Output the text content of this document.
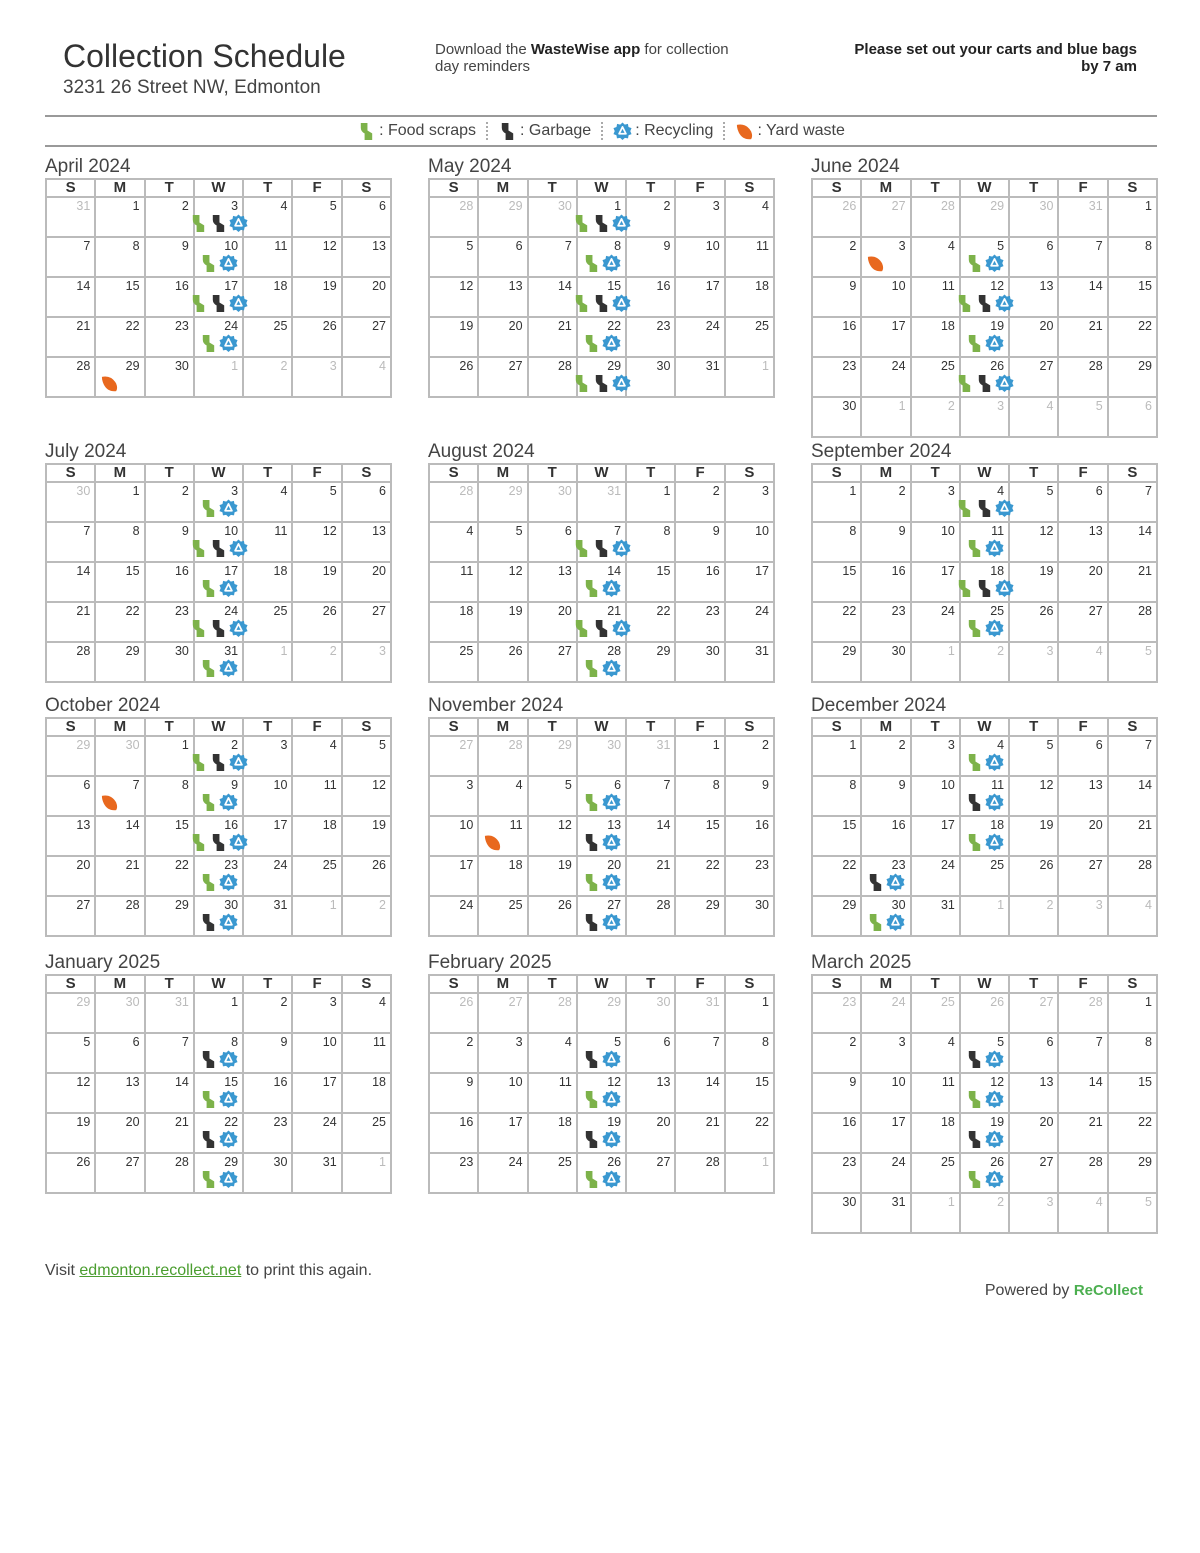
Collection Schedule
3231 26 Street NW, Edmonton
Download the WasteWise app for collection day reminders
Please set out your carts and blue bags
by 7 am
: Food scraps	: Garbage	: Recycling	: Yard waste
April 2024
S	M	T	W	T	F	S

31	1	2	3	4	5	6

7	8	9	10	11	12	13

14	15	16	17	18	19	20

21	22	23	24	25	26	27

28	29	30	1	2	3	4
May 2024
S	M	T	W	T	F	S

28	29	30	1	2	3	4

5	6	7	8	9	10	11

12	13	14	15	16	17	18

19	20	21	22	23	24	25

26	27	28	29	30	31	1
June 2024
S	M	T	W	T	F	S

26	27	28	29	30	31	1

2	3	4	5	6	7	8

9	10	11	12	13	14	15

16	17	18	19	20	21	22

23	24	25	26	27	28	29

30	1	2	3	4	5	6
July 2024
S	M	T	W	T	F	S

30	1	2	3	4	5	6

7	8	9	10	11	12	13

14	15	16	17	18	19	20

21	22	23	24	25	26	27

28	29	30	31	1	2	3
August 2024
S	M	T	W	T	F	S

28	29	30	31	1	2	3

4	5	6	7	8	9	10

11	12	13	14	15	16	17

18	19	20	21	22	23	24

25	26	27	28	29	30	31
September 2024
S	M	T	W	T	F	S

1	2	3	4	5	6	7

8	9	10	11	12	13	14

15	16	17	18	19	20	21

22	23	24	25	26	27	28

29	30	1	2	3	4	5
October 2024
S	M	T	W	T	F	S

29	30	1	2	3	4	5

6	7	8	9	10	11	12

13	14	15	16	17	18	19

20	21	22	23	24	25	26

27	28	29	30	31	1	2
November 2024
S	M	T	W	T	F	S

27	28	29	30	31	1	2

3	4	5	6	7	8	9

10	11	12	13	14	15	16

17	18	19	20	21	22	23

24	25	26	27	28	29	30
December 2024
S	M	T	W	T	F	S

1	2	3	4	5	6	7

8	9	10	11	12	13	14

15	16	17	18	19	20	21

22	23	24	25	26	27	28

29	30	31	1	2	3	4
January 2025
S	M	T	W	T	F	S

29	30	31	1	2	3	4

5	6	7	8	9	10	11

12	13	14	15	16	17	18

19	20	21	22	23	24	25

26	27	28	29	30	31	1
February 2025
S	M	T	W	T	F	S

26	27	28	29	30	31	1

2	3	4	5	6	7	8

9	10	11	12	13	14	15

16	17	18	19	20	21	22

23	24	25	26	27	28	1
March 2025
S	M	T	W	T	F	S

23	24	25	26	27	28	1

2	3	4	5	6	7	8

9	10	11	12	13	14	15

16	17	18	19	20	21	22

23	24	25	26	27	28	29

30	31	1	2	3	4	5
Visit edmonton.recollect.net to print this again.
Powered by ReCollect
